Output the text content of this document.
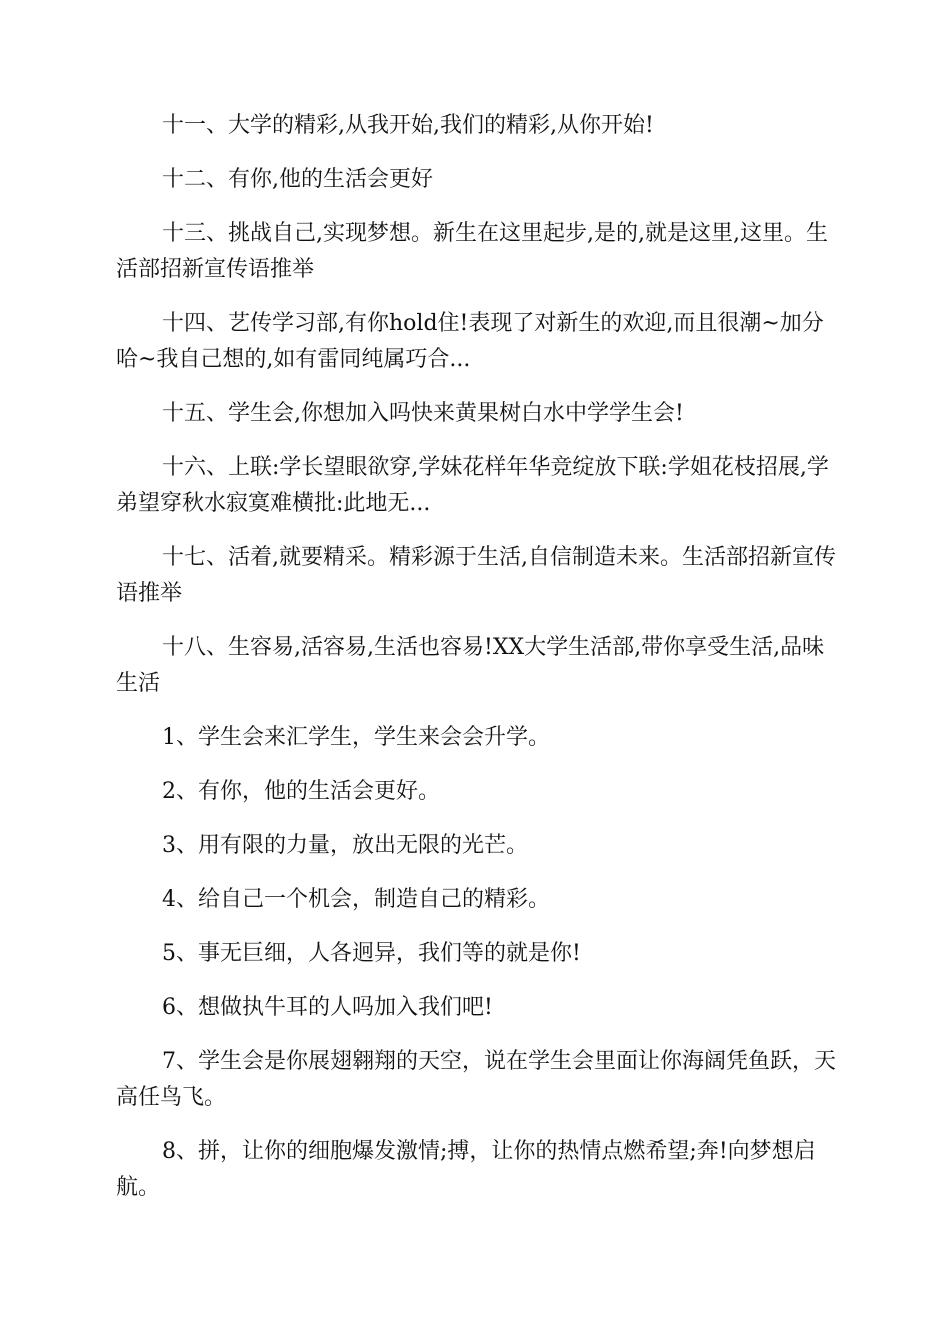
十一、大学的精彩,从我开始,我们的精彩,从你开始!

十二、有你,他的生活会更好

十三、挑战自己,实现梦想。新生在这里起步,是的,就是这里,这里。生活部招新宣传语推举

十四、艺传学习部,有你hold住!表现了对新生的欢迎,而且很潮~加分哈~我自己想的,如有雷同纯属巧合...

十五、学生会,你想加入吗快来黄果树白水中学学生会!

十六、上联:学长望眼欲穿,学妹花样年华竞绽放下联:学姐花枝招展,学弟望穿秋水寂寞难横批:此地无...

十七、活着,就要精采。精彩源于生活,自信制造未来。生活部招新宣传语推举

十八、生容易,活容易,生活也容易!XX大学生活部,带你享受生活,品味生活

1、学生会来汇学生，学生来会会升学。

2、有你，他的生活会更好。

3、用有限的力量，放出无限的光芒。

4、给自己一个机会，制造自己的精彩。

5、事无巨细，人各迥异，我们等的就是你!

6、想做执牛耳的人吗加入我们吧!

7、学生会是你展翅翱翔的天空，说在学生会里面让你海阔凭鱼跃，天高任鸟飞。

8、拼，让你的细胞爆发激情;搏，让你的热情点燃希望;奔!向梦想启航。
